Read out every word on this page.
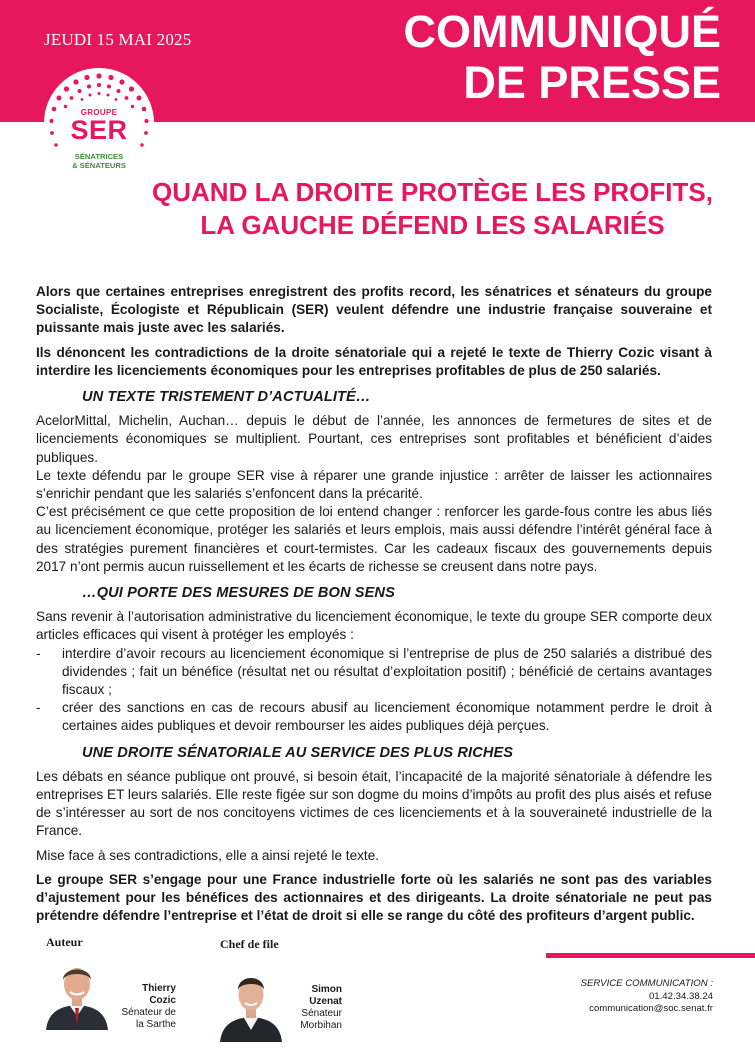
JEUDI 15 MAI 2025	COMMUNIQUÉ
DE PRESSE
GROUPE
SER
SÉNATRICES
& SÉNATEURS
QUAND LA DROITE PROTÈGE LES PROFITS,
LA GAUCHE DÉFEND LES SALARIÉS

Alors que certaines entreprises enregistrent des profits record, les sénatrices et sénateurs du groupe Socialiste, Écologiste et Républicain (SER) veulent défendre une industrie française souveraine et puissante mais juste avec les salariés.

Ils dénoncent les contradictions de la droite sénatoriale qui a rejeté le texte de Thierry Cozic visant à interdire les licenciements économiques pour les entreprises profitables de plus de 250 salariés.

UN TEXTE TRISTEMENT D’ACTUALITÉ…

AcelorMittal, Michelin, Auchan… depuis le début de l’année, les annonces de fermetures de sites et de licenciements économiques se multiplient. Pourtant, ces entreprises sont profitables et bénéficient d’aides publiques.

Le texte défendu par le groupe SER vise à réparer une grande injustice : arrêter de laisser les actionnaires s’enrichir pendant que les salariés s’enfoncent dans la précarité.

C’est précisément ce que cette proposition de loi entend changer : renforcer les garde-fous contre les abus liés au licenciement économique, protéger les salariés et leurs emplois, mais aussi défendre l’intérêt général face à des stratégies purement financières et court-termistes. Car les cadeaux fiscaux des gouvernements depuis 2017 n’ont permis aucun ruissellement et les écarts de richesse se creusent dans notre pays.

…QUI PORTE DES MESURES DE BON SENS

Sans revenir à l’autorisation administrative du licenciement économique, le texte du groupe SER comporte deux articles efficaces qui visent à protéger les employés :

- interdire d’avoir recours au licenciement économique si l’entreprise de plus de 250 salariés a distribué des dividendes ; fait un bénéfice (résultat net ou résultat d’exploitation positif) ; bénéficié de certains avantages fiscaux ;
- créer des sanctions en cas de recours abusif au licenciement économique notamment perdre le droit à certaines aides publiques et devoir rembourser les aides publiques déjà perçues.
UNE DROITE SÉNATORIALE AU SERVICE DES PLUS RICHES

Les débats en séance publique ont prouvé, si besoin était, l’incapacité de la majorité sénatoriale à défendre les entreprises ET leurs salariés. Elle reste figée sur son dogme du moins d’impôts au profit des plus aisés et refuse de s’intéresser au sort de nos concitoyens victimes de ces licenciements et à la souveraineté industrielle de la France.

Mise face à ses contradictions, elle a ainsi rejeté le texte.

Le groupe SER s’engage pour une France industrielle forte où les salariés ne sont pas des variables d’ajustement pour les bénéfices des actionnaires et des dirigeants. La droite sénatoriale ne peut pas prétendre défendre l’entreprise et l’état de droit si elle se range du côté des profiteurs d’argent public.

Auteur
Thierry
Cozic
Sénateur de
la Sarthe
Chef de file
Simon
Uzenat
Sénateur
Morbihan
SERVICE COMMUNICATION :
01.42.34.38.24
communication@soc.senat.fr
